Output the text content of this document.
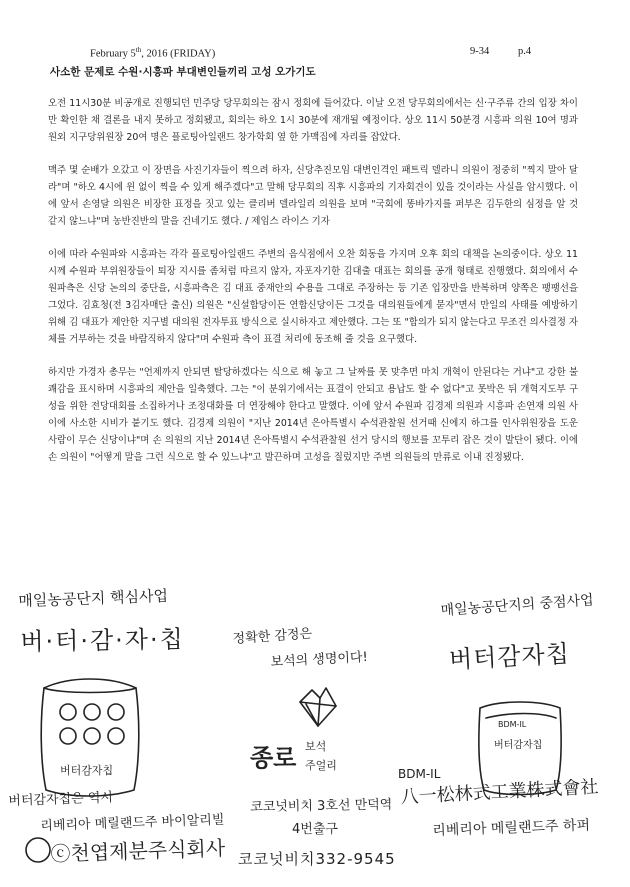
February 5th, 2016 (FRIDAY)	9-34	p.4
사소한 문제로 수원·시흥파 부대변인들끼리 고성 오가기도

오전 11시30분 비공개로 진행되던 민주당 당무회의는 잠시 정회에 들어갔다. 이날 오전 당무회의에서는 신·구주류 간의 입장 차이만 확인한 채 결론을 내지 못하고 정회됐고, 회의는 하오 1시 30분에 재개될 예정이다. 상오 11시 50분경 시흥파 의원 10여 명과 원외 지구당위원장 20여 명은 플로팅아일랜드 창가학회 옆 한 가맥집에 자리를 잡았다.

맥주 몇 순배가 오갔고 이 장면을 사진기자들이 찍으려 하자, 신당추진모임 대변인격인 패트릭 델라니 의원이 정중히 "찍지 말아 달라"며 "하오 4시에 윈 없이 찍을 수 있게 해주겠다"고 말해 당무회의 직후 시흥파의 기자회견이 있을 것이라는 사실을 암시했다. 이에 앞서 손영달 의원은 비장한 표정을 짓고 있는 클리버 델라일리 의원을 보며 "국회에 똥바가지를 퍼부은 김두한의 심정을 알 것 같지 않느냐"며 농반진반의 말을 건네기도 했다. / 제임스 라이스 기자

이에 따라 수원파와 시흥파는 각각 플로팅아일랜드 주변의 음식점에서 오찬 회동을 가지며 오후 회의 대책을 논의중이다. 상오 11시께 수원파 부위원장들이 퇴장 지시를 좀처럼 따르지 않자, 자포자기한 김대출 대표는 회의를 공개 형태로 진행했다. 회의에서 수원파측은 신당 논의의 중단을, 시흥파측은 김 대표 중재안의 수용을 그대로 주장하는 등 기존 입장만을 반복하며 양쪽은 팽팽선을 그었다. 김효청(전 3김자매단 출신) 의원은 "신설합당이든 연합신당이든 그것을 대의원들에게 묻자"면서 만일의 사태를 예방하기 위해 김 대표가 제안한 지구별 대의원 전자투표 방식으로 실시하자고 제안했다. 그는 또 "합의가 되지 않는다고 무조건 의사결정 자체를 거부하는 것을 바람직하지 않다"며 수원파 측이 표결 처리에 동조해 줄 것을 요구했다.

하지만 가경자 총무는 "언제까지 안되면 탈당하겠다는 식으로 해 놓고 그 날짜를 못 맞추면 마치 개혁이 안된다는 거냐"고 강한 불쾌감을 표시하며 시흥파의 제안을 일축했다. 그는 "이 분위기에서는 표결이 안되고 용납도 할 수 없다"고 못박은 뒤 개혁지도부 구성을 위한 전당대회를 소집하거나 조정대화를 더 연장해야 한다고 말했다. 이에 앞서 수원파 김경제 의원과 시흥파 손연재 의원 사이에 사소한 시비가 붙기도 했다. 김경제 의원이 "지난 2014년 은아특별시 수석관찰원 선거때 신에지 하그를 인사위원장을 도운 사람이 무슨 신당이냐"며 손 의원의 지난 2014년 은아특별시 수석관찰원 선거 당시의 행보를 꼬투리 잡은 것이 발단이 됐다. 이에 손 의원이 "어떻게 말을 그런 식으로 할 수 있느냐"고 발끈하며 고성을 질렀지만 주변 의원들의 만류로 이내 진정됐다.

매일농공단지 핵심사업
버·터·감·자·칩	정확한 감정은
보석의 생명이다!
매일농공단지의 중점사업
버터감자칩
버터감자칩
BDM-IL
버터감자칩
종로 보석
주얼리
코코넛비치 3호선 만덕역
4번출구
코코넛비치332-9545
버터감자칩은 역시
리베리아 메릴랜드주 바이알리빌
ⓒ천엽제분주식회사
BDM-IL
八一松林式工業株式會社
리베리아 메릴랜드주 하퍼
